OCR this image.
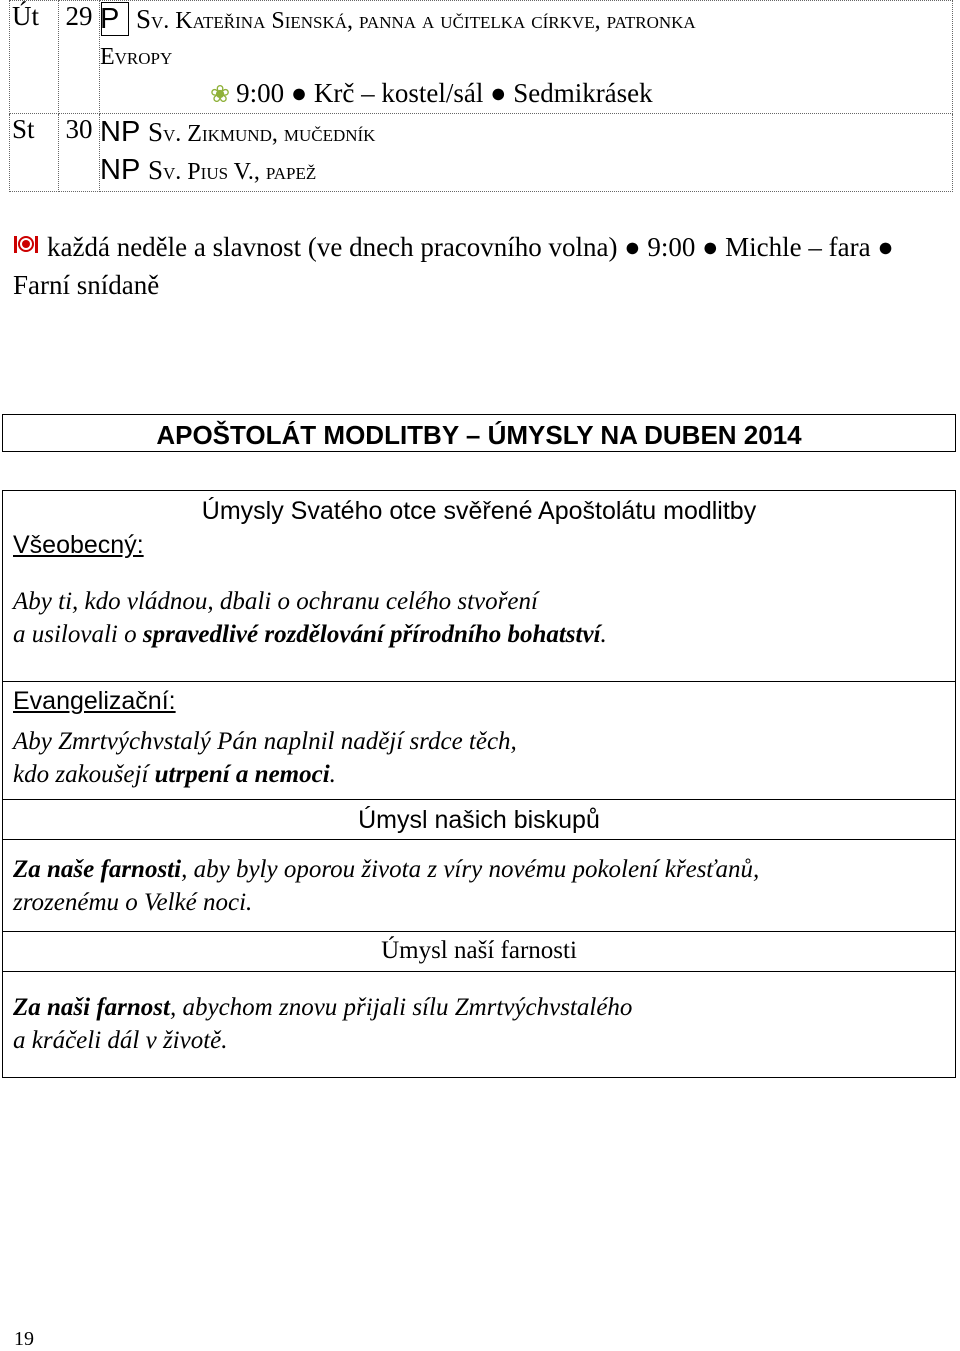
Út	29	P Sv. Kateřina Sienská, panna a učitelka církve, patronka
Evropy
❀ 9:00 ● Krč – kostel/sál ● Sedmikrásek

St	30	NP Sv. Zikmund, mučedník
NP Sv. Pius V., papež
každá neděle a slavnost (ve dnech pracovního volna) ● 9:00 ● Michle – fara ● Farní snídaně
APOŠTOLÁT MODLITBY – ÚMYSLY NA DUBEN 2014
Úmysly Svatého otce svěřené Apoštolátu modlitby
Všeobecný:
Aby ti, kdo vládnou, dbali o ochranu celého stvoření
a usilovali o spravedlivé rozdělování přírodního bohatství.
Evangelizační:
Aby Zmrtvýchvstalý Pán naplnil nadějí srdce těch,
kdo zakoušejí utrpení a nemoci.
Úmysl našich biskupů
Za naše farnosti, aby byly oporou života z víry novému pokolení křesťanů,
zrozenému o Velké noci.
Úmysl naší farnosti
Za naši farnost, abychom znovu přijali sílu Zmrtvýchvstalého
a kráčeli dál v životě.
19
